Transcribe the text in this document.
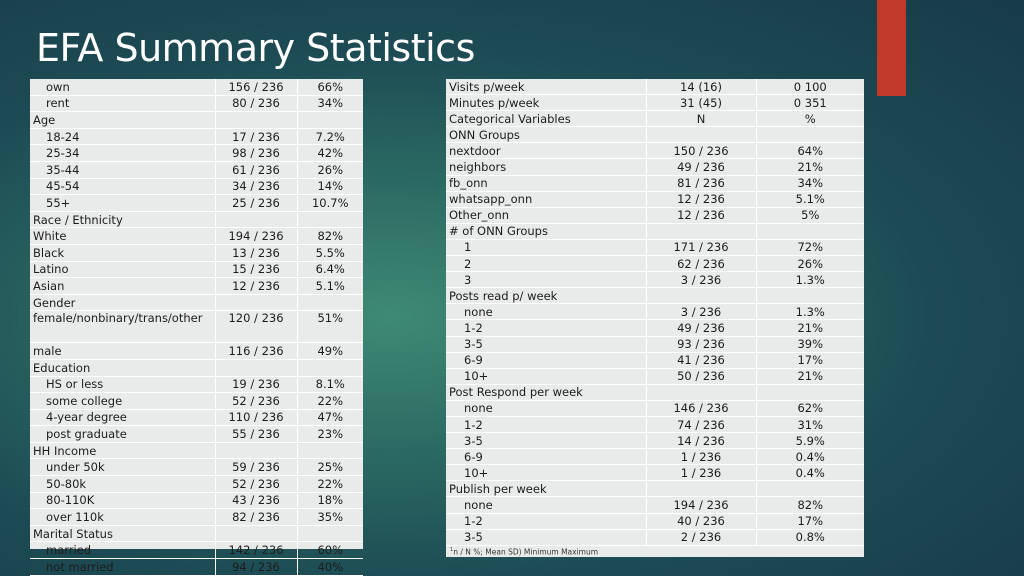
EFA Summary Statistics
own	156 / 236	66%
rent	80 / 236	34%
Age		
18-24	17 / 236	7.2%
25-34	98 / 236	42%
35-44	61 / 236	26%
45-54	34 / 236	14%
55+	25 / 236	10.7%
Race / Ethnicity		
White	194 / 236	82%
Black	13 / 236	5.5%
Latino	15 / 236	6.4%
Asian	12 / 236	5.1%
Gender		
female/nonbinary/trans/other	120 / 236	51%
male	116 / 236	49%
Education		
HS or less	19 / 236	8.1%
some college	52 / 236	22%
4-year degree	110 / 236	47%
post graduate	55 / 236	23%
HH Income		
under 50k	59 / 236	25%
50-80k	52 / 236	22%
80-110K	43 / 236	18%
over 110k	82 / 236	35%
Marital Status		
married	142 / 236	60%
not married	94 / 236	40%
Visits p/week	14 (16)	0 100
Minutes p/week	31 (45)	0 351
Categorical Variables	N	%
ONN Groups		
nextdoor	150 / 236	64%
neighbors	49 / 236	21%
fb_onn	81 / 236	34%
whatsapp_onn	12 / 236	5.1%
Other_onn	12 / 236	5%
# of ONN Groups		
1	171 / 236	72%
2	62 / 236	26%
3	3 / 236	1.3%
Posts read p/ week		
none	3 / 236	1.3%
1-2	49 / 236	21%
3-5	93 / 236	39%
6-9	41 / 236	17%
10+	50 / 236	21%
Post Respond per week		
none	146 / 236	62%
1-2	74 / 236	31%
3-5	14 / 236	5.9%
6-9	1 / 236	0.4%
10+	1 / 236	0.4%
Publish per week		
none	194 / 236	82%
1-2	40 / 236	17%
3-5	2 / 236	0.8%
$^1$n / N %; Mean SD) Minimum Maximum
